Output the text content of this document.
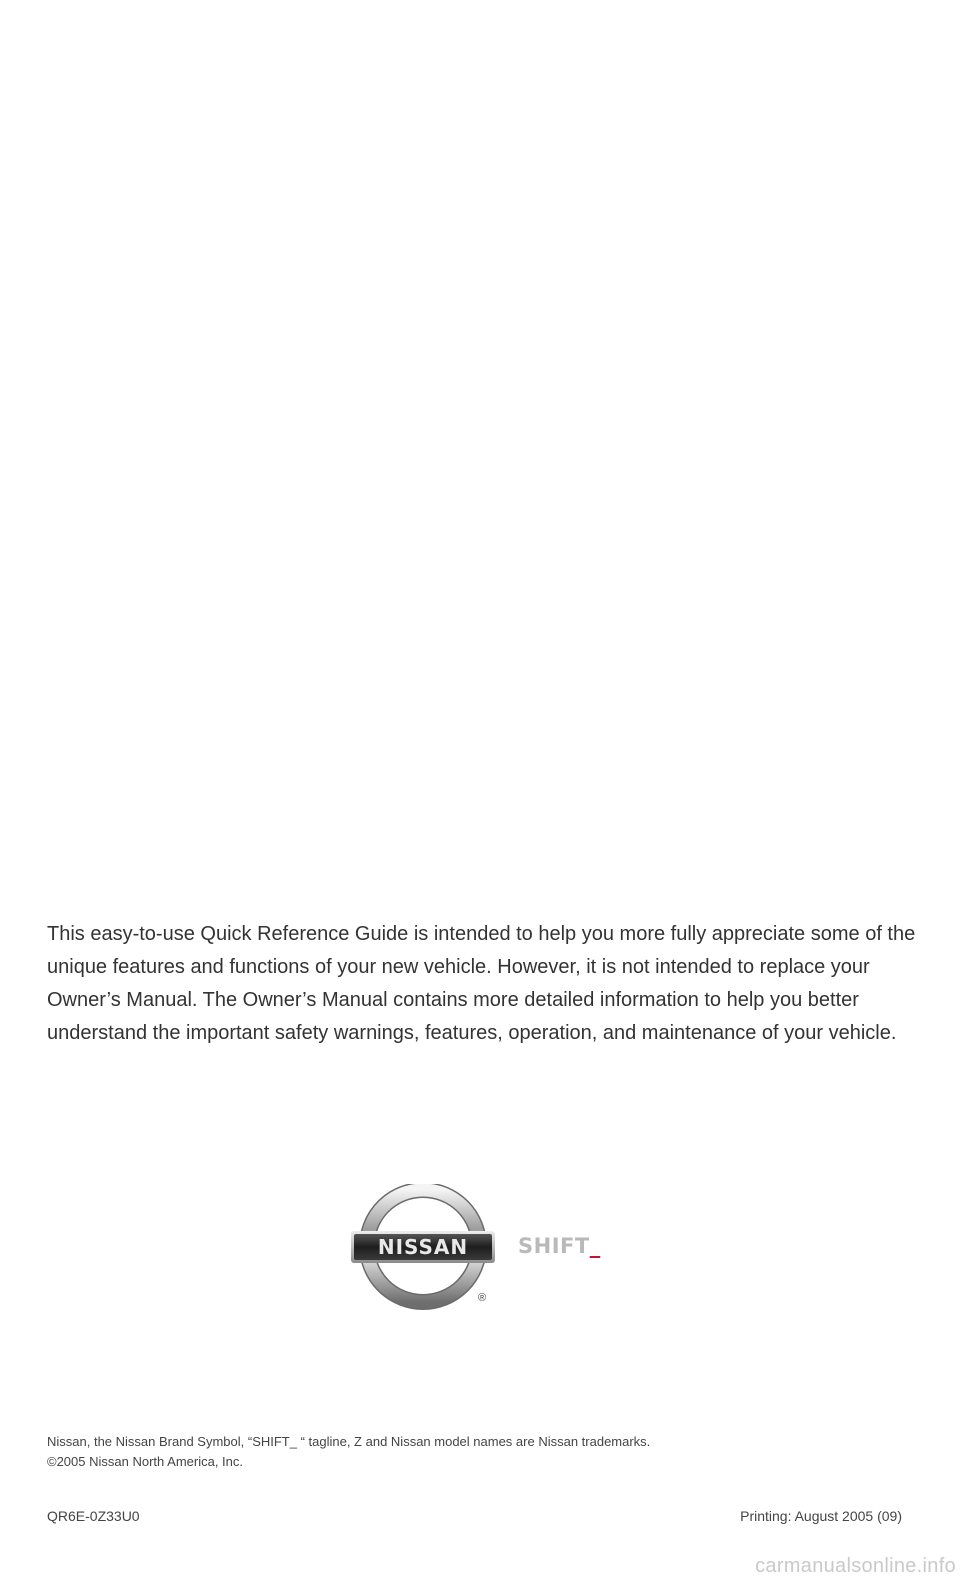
This easy-to-use Quick Reference Guide is intended to help you more fully appreciate some of the unique features and functions of your new vehicle. However, it is not intended to replace your Owner’s Manual. The Owner’s Manual contains more detailed information to help you better understand the important safety warnings, features, operation, and maintenance of your vehicle.

NISSAN
®
SHIFT_
Nissan, the Nissan Brand Symbol, “SHIFT_ “ tagline, Z and Nissan model names are Nissan trademarks.
©2005 Nissan North America, Inc.
QR6E-0Z33U0	Printing: August 2005 (09)
carmanualsonline.info
